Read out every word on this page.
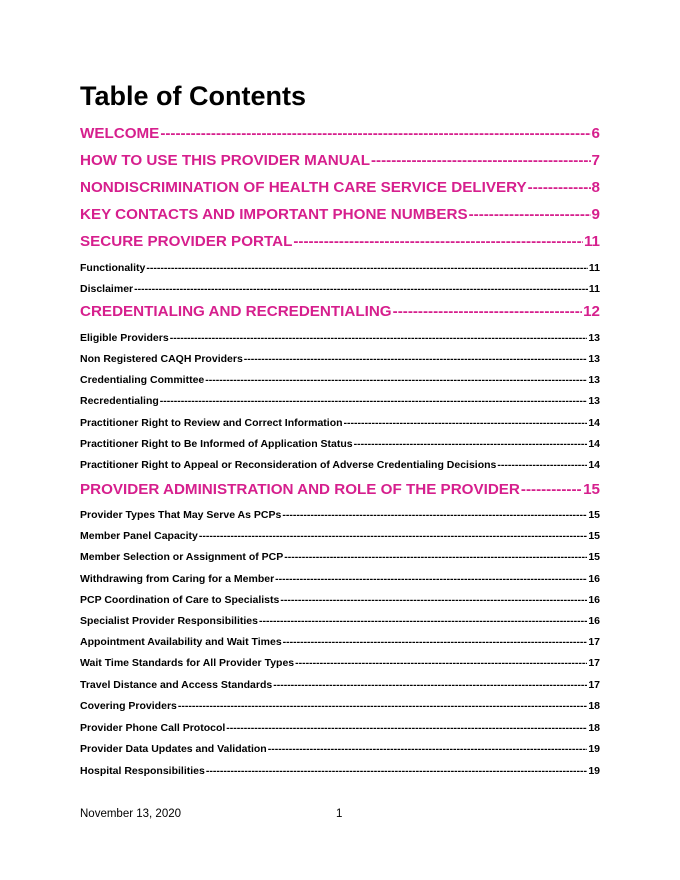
Table of Contents
WELCOME -----	6
HOW TO USE THIS PROVIDER MANUAL -----	7
NONDISCRIMINATION OF HEALTH CARE SERVICE DELIVERY -----	8
KEY CONTACTS AND IMPORTANT PHONE NUMBERS -----	9
SECURE PROVIDER PORTAL -----	11
Functionality -----	11
Disclaimer -----	11
CREDENTIALING AND RECREDENTIALING -----	12
Eligible Providers -----	13
Non Registered CAQH Providers -----	13
Credentialing Committee -----	13
Recredentialing -----	13
Practitioner Right to Review and Correct Information -----	14
Practitioner Right to Be Informed of Application Status -----	14
Practitioner Right to Appeal or Reconsideration of Adverse Credentialing Decisions -----	14
PROVIDER ADMINISTRATION AND ROLE OF THE PROVIDER -----	15
Provider Types That May Serve As PCPs -----	15
Member Panel Capacity -----	15
Member Selection or Assignment of PCP -----	15
Withdrawing from Caring for a Member -----	16
PCP Coordination of Care to Specialists -----	16
Specialist Provider Responsibilities -----	16
Appointment Availability and Wait Times -----	17
Wait Time Standards for All Provider Types -----	17
Travel Distance and Access Standards -----	17
Covering Providers -----	18
Provider Phone Call Protocol -----	18
Provider Data Updates and Validation -----	19
Hospital Responsibilities -----	19
November 13, 2020	1
